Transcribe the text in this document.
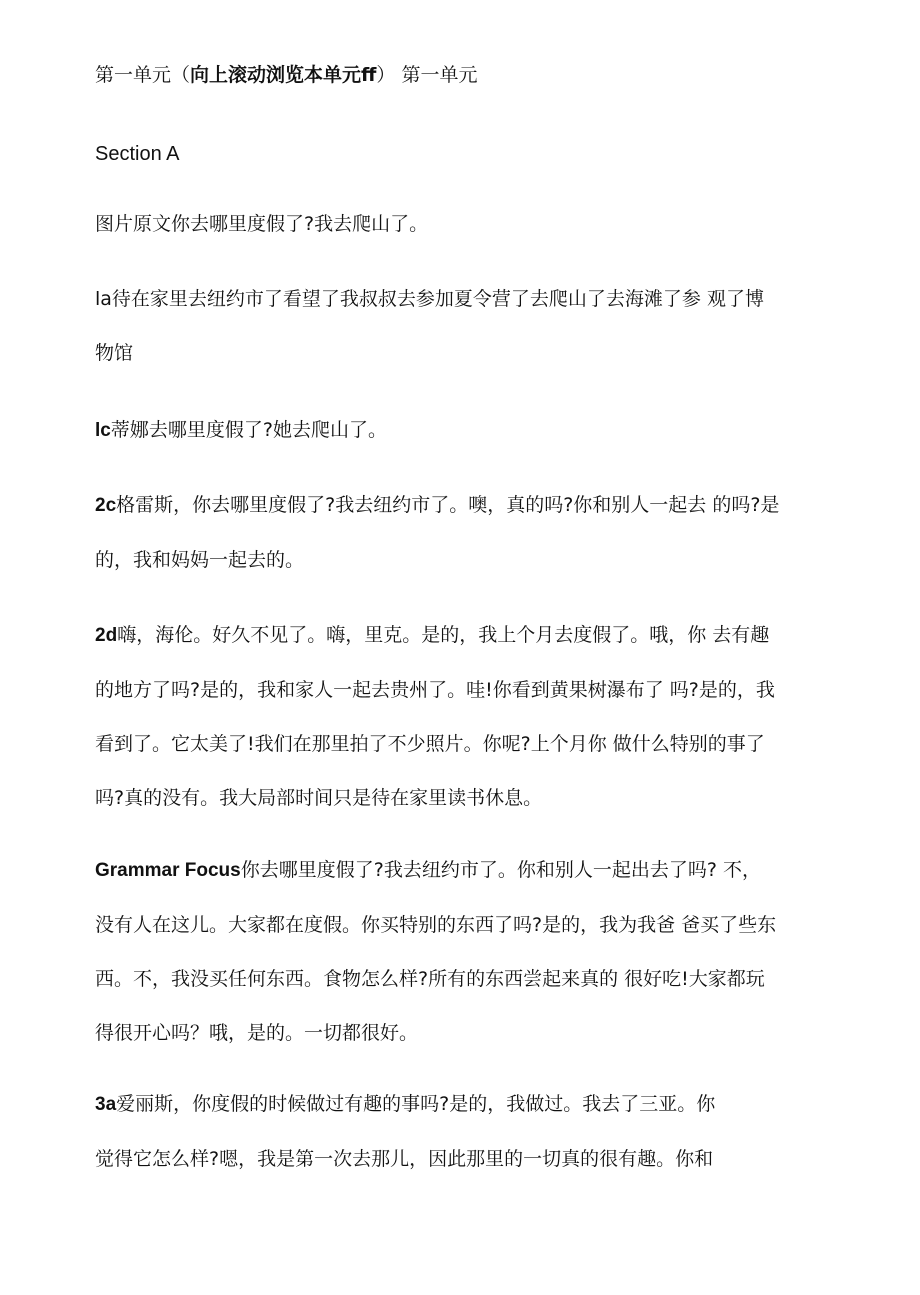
第一单元（向上滚动浏览本单元ff） 第一单元

Section A

图片原文你去哪里度假了?我去爬山了。

la待在家里去纽约市了看望了我叔叔去参加夏令营了去爬山了去海滩了参 观了博
物馆

lc蒂娜去哪里度假了?她去爬山了。

2c格雷斯，你去哪里度假了?我去纽约市了。噢，真的吗?你和别人一起去 的吗?是
的，我和妈妈一起去的。

2d嗨，海伦。好久不见了。嗨，里克。是的，我上个月去度假了。哦，你 去有趣
的地方了吗?是的，我和家人一起去贵州了。哇!你看到黄果树瀑布了 吗?是的，我
看到了。它太美了!我们在那里拍了不少照片。你呢?上个月你 做什么特别的事了
吗?真的没有。我大局部时间只是待在家里读书休息。

Grammar Focus你去哪里度假了?我去纽约市了。你和别人一起出去了吗? 不，
没有人在这儿。大家都在度假。你买特别的东西了吗?是的，我为我爸 爸买了些东
西。不，我没买任何东西。食物怎么样?所有的东西尝起来真的 很好吃!大家都玩
得很开心吗？哦，是的。一切都很好。

3a爱丽斯，你度假的时候做过有趣的事吗?是的，我做过。我去了三亚。你
觉得它怎么样?嗯，我是第一次去那儿，因此那里的一切真的很有趣。你和
